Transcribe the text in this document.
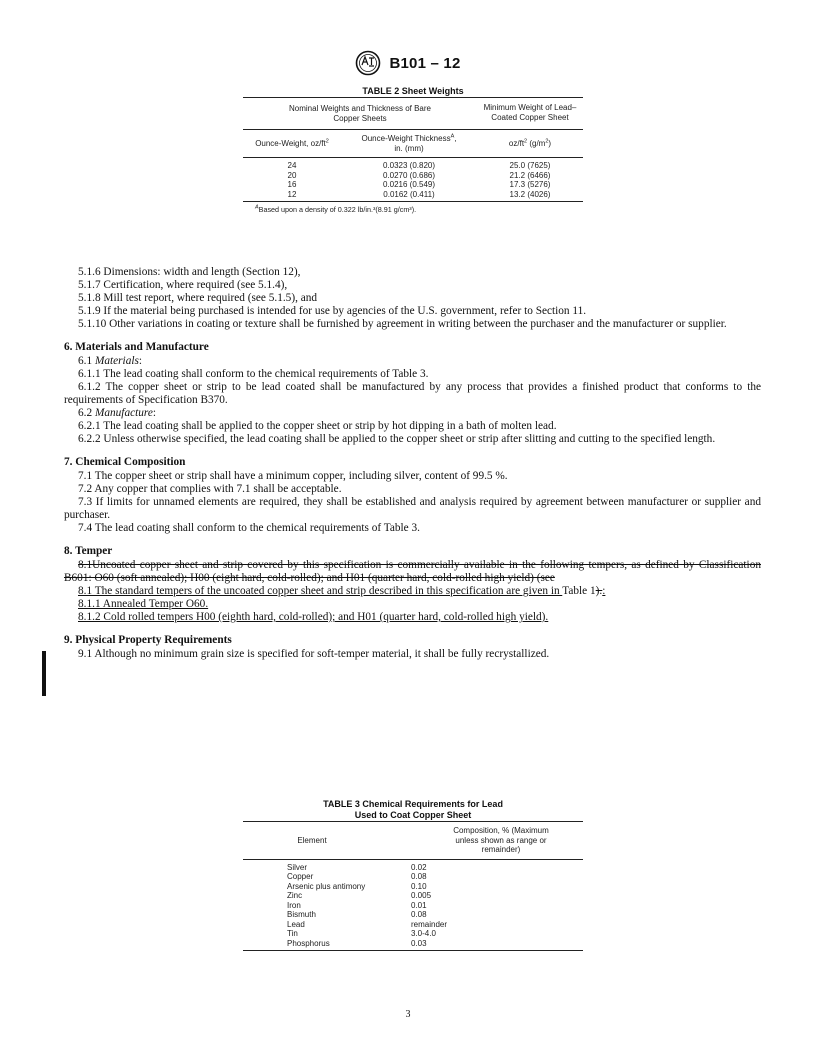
B101 – 12
TABLE 2 Sheet Weights
Nominal Weights and Thickness of Bare Copper Sheets		Minimum Weight of Lead–Coated Copper Sheet
Ounce-Weight, $oz/ft^2$	Ounce-Weight Thickness$^A$, in. (mm)	$oz/ft^2$ $(g/m^2)$
24	0.0323 (0.820)	25.0 (7625)
20	0.0270 (0.686)	21.2 (6466)
16	0.0216 (0.549)	17.3 (5276)
12	0.0162 (0.411)	13.2 (4026)
$^A$Based upon a density of 0.322 lb/in.³(8.91 g/cm³).

5.1.6 Dimensions: width and length (Section 12),

5.1.7 Certification, where required (see 5.1.4),

5.1.8 Mill test report, where required (see 5.1.5), and

5.1.9 If the material being purchased is intended for use by agencies of the U.S. government, refer to Section 11.

5.1.10 Other variations in coating or texture shall be furnished by agreement in writing between the purchaser and the manufacturer or supplier.

6. Materials and Manufacture

6.1 Materials:

6.1.1 The lead coating shall conform to the chemical requirements of Table 3.

6.1.2 The copper sheet or strip to be lead coated shall be manufactured by any process that provides a finished product that conforms to the requirements of Specification B370.

6.2 Manufacture:

6.2.1 The lead coating shall be applied to the copper sheet or strip by hot dipping in a bath of molten lead.

6.2.2 Unless otherwise specified, the lead coating shall be applied to the copper sheet or strip after slitting and cutting to the specified length.

7. Chemical Composition

7.1 The copper sheet or strip shall have a minimum copper, including silver, content of 99.5 %.

7.2 Any copper that complies with 7.1 shall be acceptable.

7.3 If limits for unnamed elements are required, they shall be established and analysis required by agreement between manufacturer or supplier and purchaser.

7.4 The lead coating shall conform to the chemical requirements of Table 3.

8. Temper

8.1Uncoated copper sheet and strip covered by this specification is commercially available in the following tempers, as defined by Classification B601: O60 (soft annealed); H00 (eight hard, cold-rolled); and H01 (quarter hard, cold-rolled high yield) (see

8.1 The standard tempers of the uncoated copper sheet and strip described in this specification are given in Table 1).:

8.1.1 Annealed Temper O60.

8.1.2 Cold rolled tempers H00 (eighth hard, cold-rolled); and H01 (quarter hard, cold-rolled high yield).

9. Physical Property Requirements

9.1 Although no minimum grain size is specified for soft-temper material, it shall be fully recrystallized.

TABLE 3 Chemical Requirements for Lead
Used to Coat Copper Sheet
Element	Composition, % (Maximum unless shown as range or remainder)
Silver	0.02
Copper	0.08
Arsenic plus antimony	0.10
Zinc	0.005
Iron	0.01
Bismuth	0.08
Lead	remainder
Tin	3.0-4.0
Phosphorus	0.03
3
